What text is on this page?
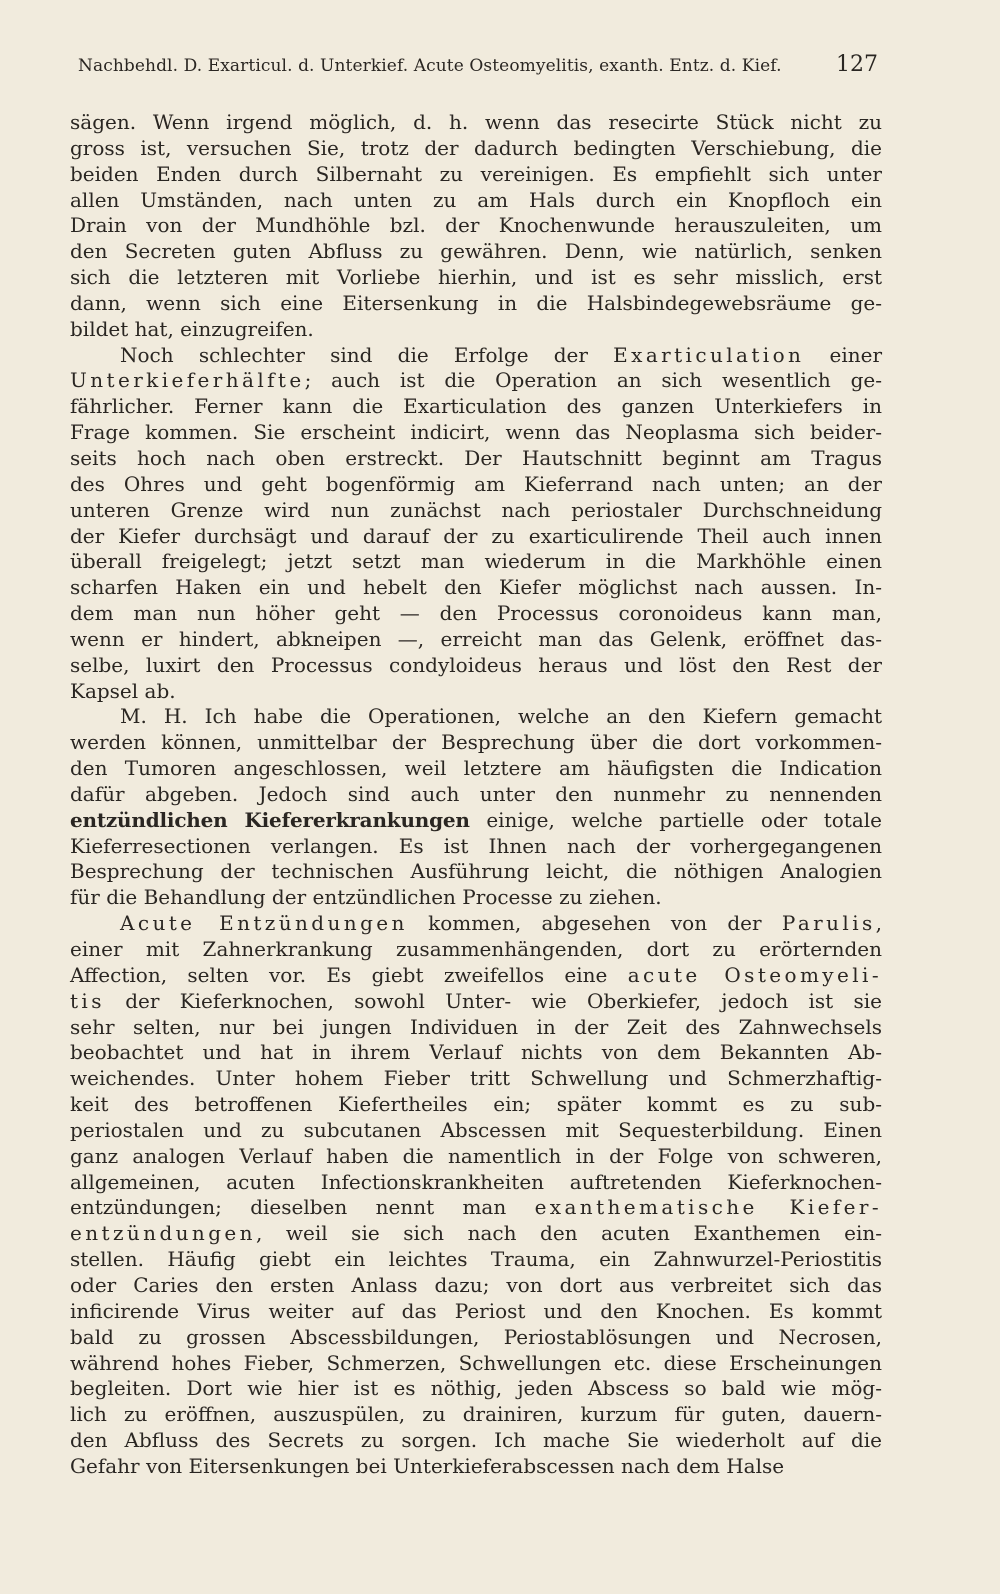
Nachbehdl. D. Exarticul. d. Unterkief. Acute Osteomyelitis, exanth. Entz. d. Kief. 127
sägen. Wenn irgend möglich, d. h. wenn das resecirte Stück nicht zu
gross ist, versuchen Sie, trotz der dadurch bedingten Verschiebung, die
beiden Enden durch Silbernaht zu vereinigen. Es empfiehlt sich unter
allen Umständen, nach unten zu am Hals durch ein Knopfloch ein
Drain von der Mundhöhle bzl. der Knochenwunde herauszuleiten, um
den Secreten guten Abfluss zu gewähren. Denn, wie natürlich, senken
sich die letzteren mit Vorliebe hierhin, und ist es sehr misslich, erst
dann, wenn sich eine Eitersenkung in die Halsbindegewebsräume ge-
bildet hat, einzugreifen.
Noch schlechter sind die Erfolge der Exarticulation einer
Unterkieferhälfte; auch ist die Operation an sich wesentlich ge-
fährlicher. Ferner kann die Exarticulation des ganzen Unterkiefers in
Frage kommen. Sie erscheint indicirt, wenn das Neoplasma sich beider-
seits hoch nach oben erstreckt. Der Hautschnitt beginnt am Tragus
des Ohres und geht bogenförmig am Kieferrand nach unten; an der
unteren Grenze wird nun zunächst nach periostaler Durchschneidung
der Kiefer durchsägt und darauf der zu exarticulirende Theil auch innen
überall freigelegt; jetzt setzt man wiederum in die Markhöhle einen
scharfen Haken ein und hebelt den Kiefer möglichst nach aussen. In-
dem man nun höher geht — den Processus coronoideus kann man,
wenn er hindert, abkneipen —, erreicht man das Gelenk, eröffnet das-
selbe, luxirt den Processus condyloideus heraus und löst den Rest der
Kapsel ab.
M. H. Ich habe die Operationen, welche an den Kiefern gemacht
werden können, unmittelbar der Besprechung über die dort vorkommen-
den Tumoren angeschlossen, weil letztere am häufigsten die Indication
dafür abgeben. Jedoch sind auch unter den nunmehr zu nennenden
entzündlichen Kiefererkrankungen einige, welche partielle oder totale
Kieferresectionen verlangen. Es ist Ihnen nach der vorhergegangenen
Besprechung der technischen Ausführung leicht, die nöthigen Analogien
für die Behandlung der entzündlichen Processe zu ziehen.
Acute Entzündungen kommen, abgesehen von der Parulis,
einer mit Zahnerkrankung zusammenhängenden, dort zu erörternden
Affection, selten vor. Es giebt zweifellos eine acute Osteomyeli-
tis der Kieferknochen, sowohl Unter- wie Oberkiefer, jedoch ist sie
sehr selten, nur bei jungen Individuen in der Zeit des Zahnwechsels
beobachtet und hat in ihrem Verlauf nichts von dem Bekannten Ab-
weichendes. Unter hohem Fieber tritt Schwellung und Schmerzhaftig-
keit des betroffenen Kiefertheiles ein; später kommt es zu sub-
periostalen und zu subcutanen Abscessen mit Sequesterbildung. Einen
ganz analogen Verlauf haben die namentlich in der Folge von schweren,
allgemeinen, acuten Infectionskrankheiten auftretenden Kieferknochen-
entzündungen; dieselben nennt man exanthematische Kiefer-
entzündungen, weil sie sich nach den acuten Exanthemen ein-
stellen. Häufig giebt ein leichtes Trauma, ein Zahnwurzel-Periostitis
oder Caries den ersten Anlass dazu; von dort aus verbreitet sich das
inficirende Virus weiter auf das Periost und den Knochen. Es kommt
bald zu grossen Abscessbildungen, Periostablösungen und Necrosen,
während hohes Fieber, Schmerzen, Schwellungen etc. diese Erscheinungen
begleiten. Dort wie hier ist es nöthig, jeden Abscess so bald wie mög-
lich zu eröffnen, auszuspülen, zu drainiren, kurzum für guten, dauern-
den Abfluss des Secrets zu sorgen. Ich mache Sie wiederholt auf die
Gefahr von Eitersenkungen bei Unterkieferabscessen nach dem Halse
